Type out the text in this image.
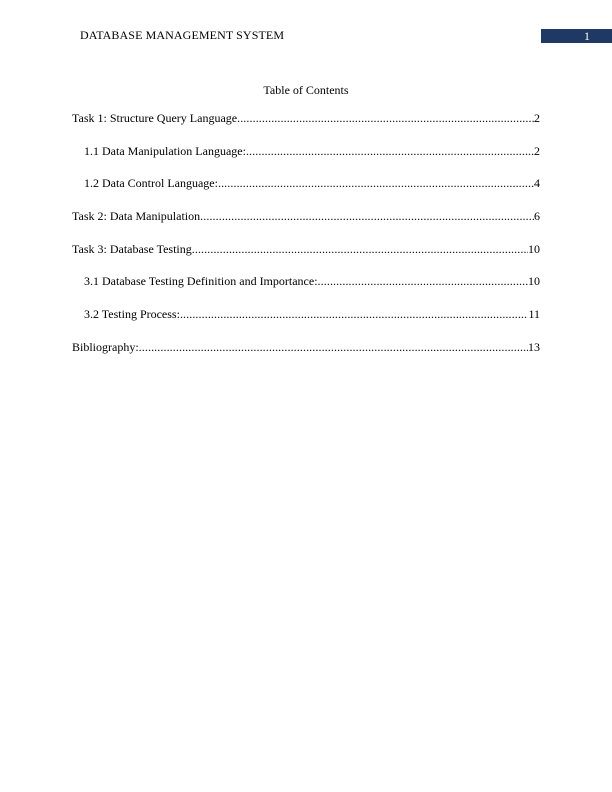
DATABASE MANAGEMENT SYSTEM	1
Table of Contents
Task 1: Structure Query Language .....	2
1.1 Data Manipulation Language: .....	2
1.2 Data Control Language: .....	4
Task 2: Data Manipulation .....	6
Task 3: Database Testing .....	10
3.1 Database Testing Definition and Importance: .....	10
3.2 Testing Process: .....	11
Bibliography: .....	13
